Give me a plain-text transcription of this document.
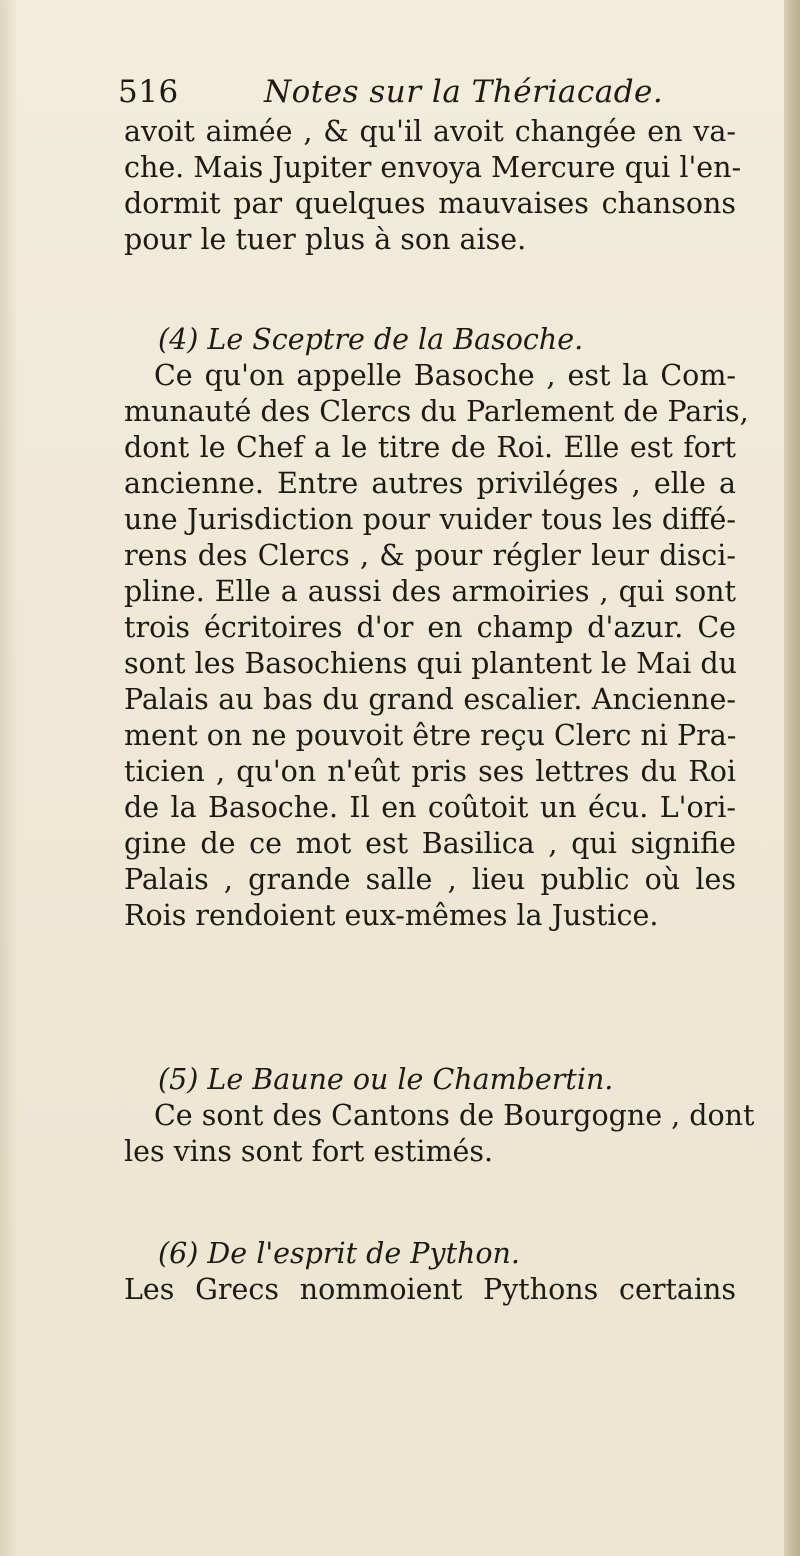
516	Notes sur la Thériacade.
avoit aimée , & qu'il avoit changée en va-
che. Mais Jupiter envoya Mercure qui l'en-
dormit par quelques mauvaises chansons
pour le tuer plus à son aise.
(4) Le Sceptre de la Basoche.
Ce qu'on appelle Basoche , est la Com-
munauté des Clercs du Parlement de Paris,
dont le Chef a le titre de Roi. Elle est fort
ancienne. Entre autres priviléges , elle a
une Jurisdiction pour vuider tous les diffé-
rens des Clercs , & pour régler leur disci-
pline. Elle a aussi des armoiries , qui sont
trois écritoires d'or en champ d'azur. Ce
sont les Basochiens qui plantent le Mai du
Palais au bas du grand escalier. Ancienne-
ment on ne pouvoit être reçu Clerc ni Pra-
ticien , qu'on n'eût pris ses lettres du Roi
de la Basoche. Il en coûtoit un écu. L'ori-
gine de ce mot est Basilica , qui signifie
Palais , grande salle , lieu public où les
Rois rendoient eux-mêmes la Justice.
(5) Le Baune ou le Chambertin.
Ce sont des Cantons de Bourgogne , dont
les vins sont fort estimés.
(6) De l'esprit de Python.
Les Grecs nommoient Pythons certains
